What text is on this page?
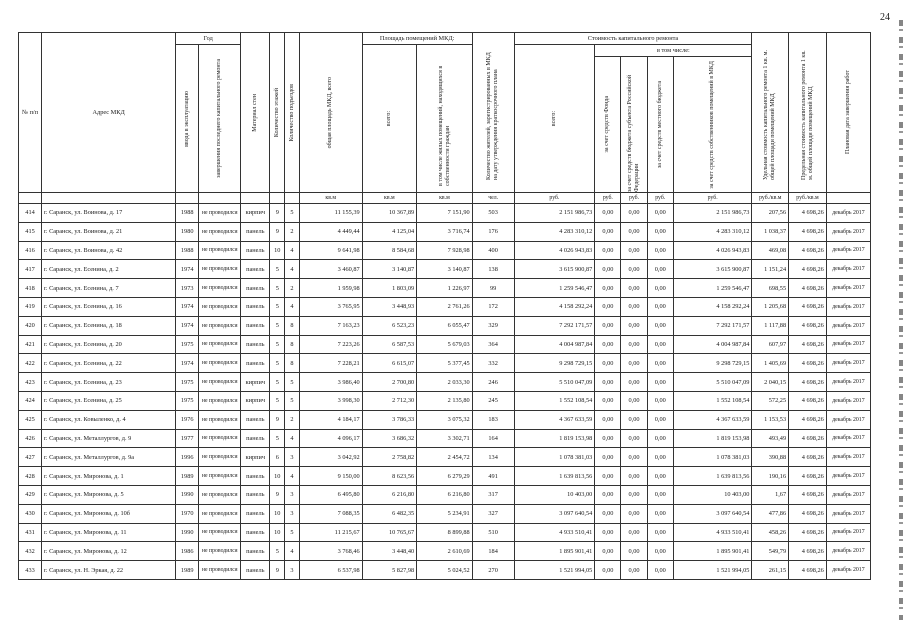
24
№ п/п	Адрес МКД	Год		Материал стен	Количество этажей	Количество подъездов	общая площадь МКД, всего	Площадь помещений МКД:		Количество жителей, зарегистрированных в МКД на дату утверждения краткосрочного плана	Стоимость капитального ремонта					Удельная стоимость капитального ремонта 1 кв. м. общей площади помещений МКД	Предельная стоимость капитального ремонта 1 кв. м. общей площади помещений МКД	Плановая дата завершения работ

		ввода в эксплуатацию	завершения последнего капитального ремонта					всего:	в том числе жилых помещений, находящихся в собственности граждан		всего:	в том числе:						

												за счет средств Фонда	за счет средств бюджета субъекта Российской Федерации	за счет средств местного бюджета	за счет средств собственников помещений в МКД			

							кв.м	кв.м	кв.м	чел.	руб.	руб.	руб.	руб.	руб.	руб./кв.м	руб./кв.м	
414	г. Саранск, ул. Воинова, д. 17	1988	не проводился	кирпич	9	5	11 155,39	10 367,89	7 151,90	503	2 151 986,73	0,00	0,00	0,00	2 151 986,73	207,56	4 698,26	декабрь 2017
415	г. Саранск, ул. Воинова, д. 21	1980	не проводился	панель	9	2	4 449,44	4 125,04	3 716,74	176	4 283 310,12	0,00	0,00	0,00	4 283 310,12	1 038,37	4 698,26	декабрь 2017
416	г. Саранск, ул. Воинова, д. 42	1988	не проводился	панель	10	4	9 641,98	8 584,68	7 928,98	400	4 026 943,83	0,00	0,00	0,00	4 026 943,83	469,08	4 698,26	декабрь 2017
417	г. Саранск, ул. Есенина, д. 2	1974	не проводился	панель	5	4	3 460,87	3 140,87	3 140,87	138	3 615 900,87	0,00	0,00	0,00	3 615 900,87	1 151,24	4 698,26	декабрь 2017
418	г. Саранск, ул. Есенина, д. 7	1973	не проводился	панель	5	2	1 959,98	1 803,09	1 226,97	99	1 259 546,47	0,00	0,00	0,00	1 259 546,47	698,55	4 698,26	декабрь 2017
419	г. Саранск, ул. Есенина, д. 16	1974	не проводился	панель	5	4	3 765,95	3 448,93	2 761,26	172	4 158 292,24	0,00	0,00	0,00	4 158 292,24	1 205,68	4 698,26	декабрь 2017
420	г. Саранск, ул. Есенина, д. 18	1974	не проводился	панель	5	8	7 163,23	6 523,23	6 055,47	329	7 292 171,57	0,00	0,00	0,00	7 292 171,57	1 117,88	4 698,26	декабрь 2017
421	г. Саранск, ул. Есенина, д. 20	1975	не проводился	панель	5	8	7 223,26	6 587,53	5 679,03	364	4 004 987,84	0,00	0,00	0,00	4 004 987,84	607,97	4 698,26	декабрь 2017
422	г. Саранск, ул. Есенина, д. 22	1974	не проводился	панель	5	8	7 228,21	6 615,07	5 377,45	332	9 298 729,15	0,00	0,00	0,00	9 298 729,15	1 405,69	4 698,26	декабрь 2017
423	г. Саранск, ул. Есенина, д. 23	1975	не проводился	кирпич	5	5	3 986,40	2 700,80	2 033,30	246	5 510 047,09	0,00	0,00	0,00	5 510 047,09	2 040,15	4 698,26	декабрь 2017
424	г. Саранск, ул. Есенина, д. 25	1975	не проводился	кирпич	5	5	3 998,30	2 712,30	2 135,80	245	1 552 108,54	0,00	0,00	0,00	1 552 108,54	572,25	4 698,26	декабрь 2017
425	г. Саранск, ул. Ковыленко, д. 4	1976	не проводился	панель	9	2	4 184,17	3 786,33	3 075,32	183	4 367 633,59	0,00	0,00	0,00	4 367 633,59	1 153,53	4 698,26	декабрь 2017
426	г. Саранск, ул. Металлургов, д. 9	1977	не проводился	панель	5	4	4 096,17	3 686,32	3 302,71	164	1 819 153,98	0,00	0,00	0,00	1 819 153,98	493,49	4 698,26	декабрь 2017
427	г. Саранск, ул. Металлургов, д. 9а	1996	не проводился	кирпич	6	3	3 042,92	2 758,82	2 454,72	134	1 078 381,03	0,00	0,00	0,00	1 078 381,03	390,88	4 698,26	декабрь 2017
428	г. Саранск, ул. Миронова, д. 1	1989	не проводился	панель	10	4	9 150,00	8 623,56	6 279,29	491	1 639 813,56	0,00	0,00	0,00	1 639 813,56	190,16	4 698,26	декабрь 2017
429	г. Саранск, ул. Миронова, д. 5	1990	не проводился	панель	9	3	6 495,80	6 216,80	6 216,80	317	10 403,00	0,00	0,00	0,00	10 403,00	1,67	4 698,26	декабрь 2017
430	г. Саранск, ул. Миронова, д. 10б	1970	не проводился	панель	10	3	7 088,35	6 482,35	5 234,91	327	3 097 640,54	0,00	0,00	0,00	3 097 640,54	477,86	4 698,26	декабрь 2017
431	г. Саранск, ул. Миронова, д. 11	1990	не проводился	панель	10	5	11 215,67	10 765,67	8 899,88	510	4 933 510,41	0,00	0,00	0,00	4 933 510,41	458,26	4 698,26	декабрь 2017
432	г. Саранск, ул. Миронова, д. 12	1986	не проводился	панель	5	4	3 768,46	3 448,40	2 610,69	184	1 895 901,41	0,00	0,00	0,00	1 895 901,41	549,79	4 698,26	декабрь 2017
433	г. Саранск, ул. Н. Эркая, д. 22	1989	не проводился	панель	9	3	6 537,98	5 827,98	5 024,52	270	1 521 994,05	0,00	0,00	0,00	1 521 994,05	261,15	4 698,26	декабрь 2017
